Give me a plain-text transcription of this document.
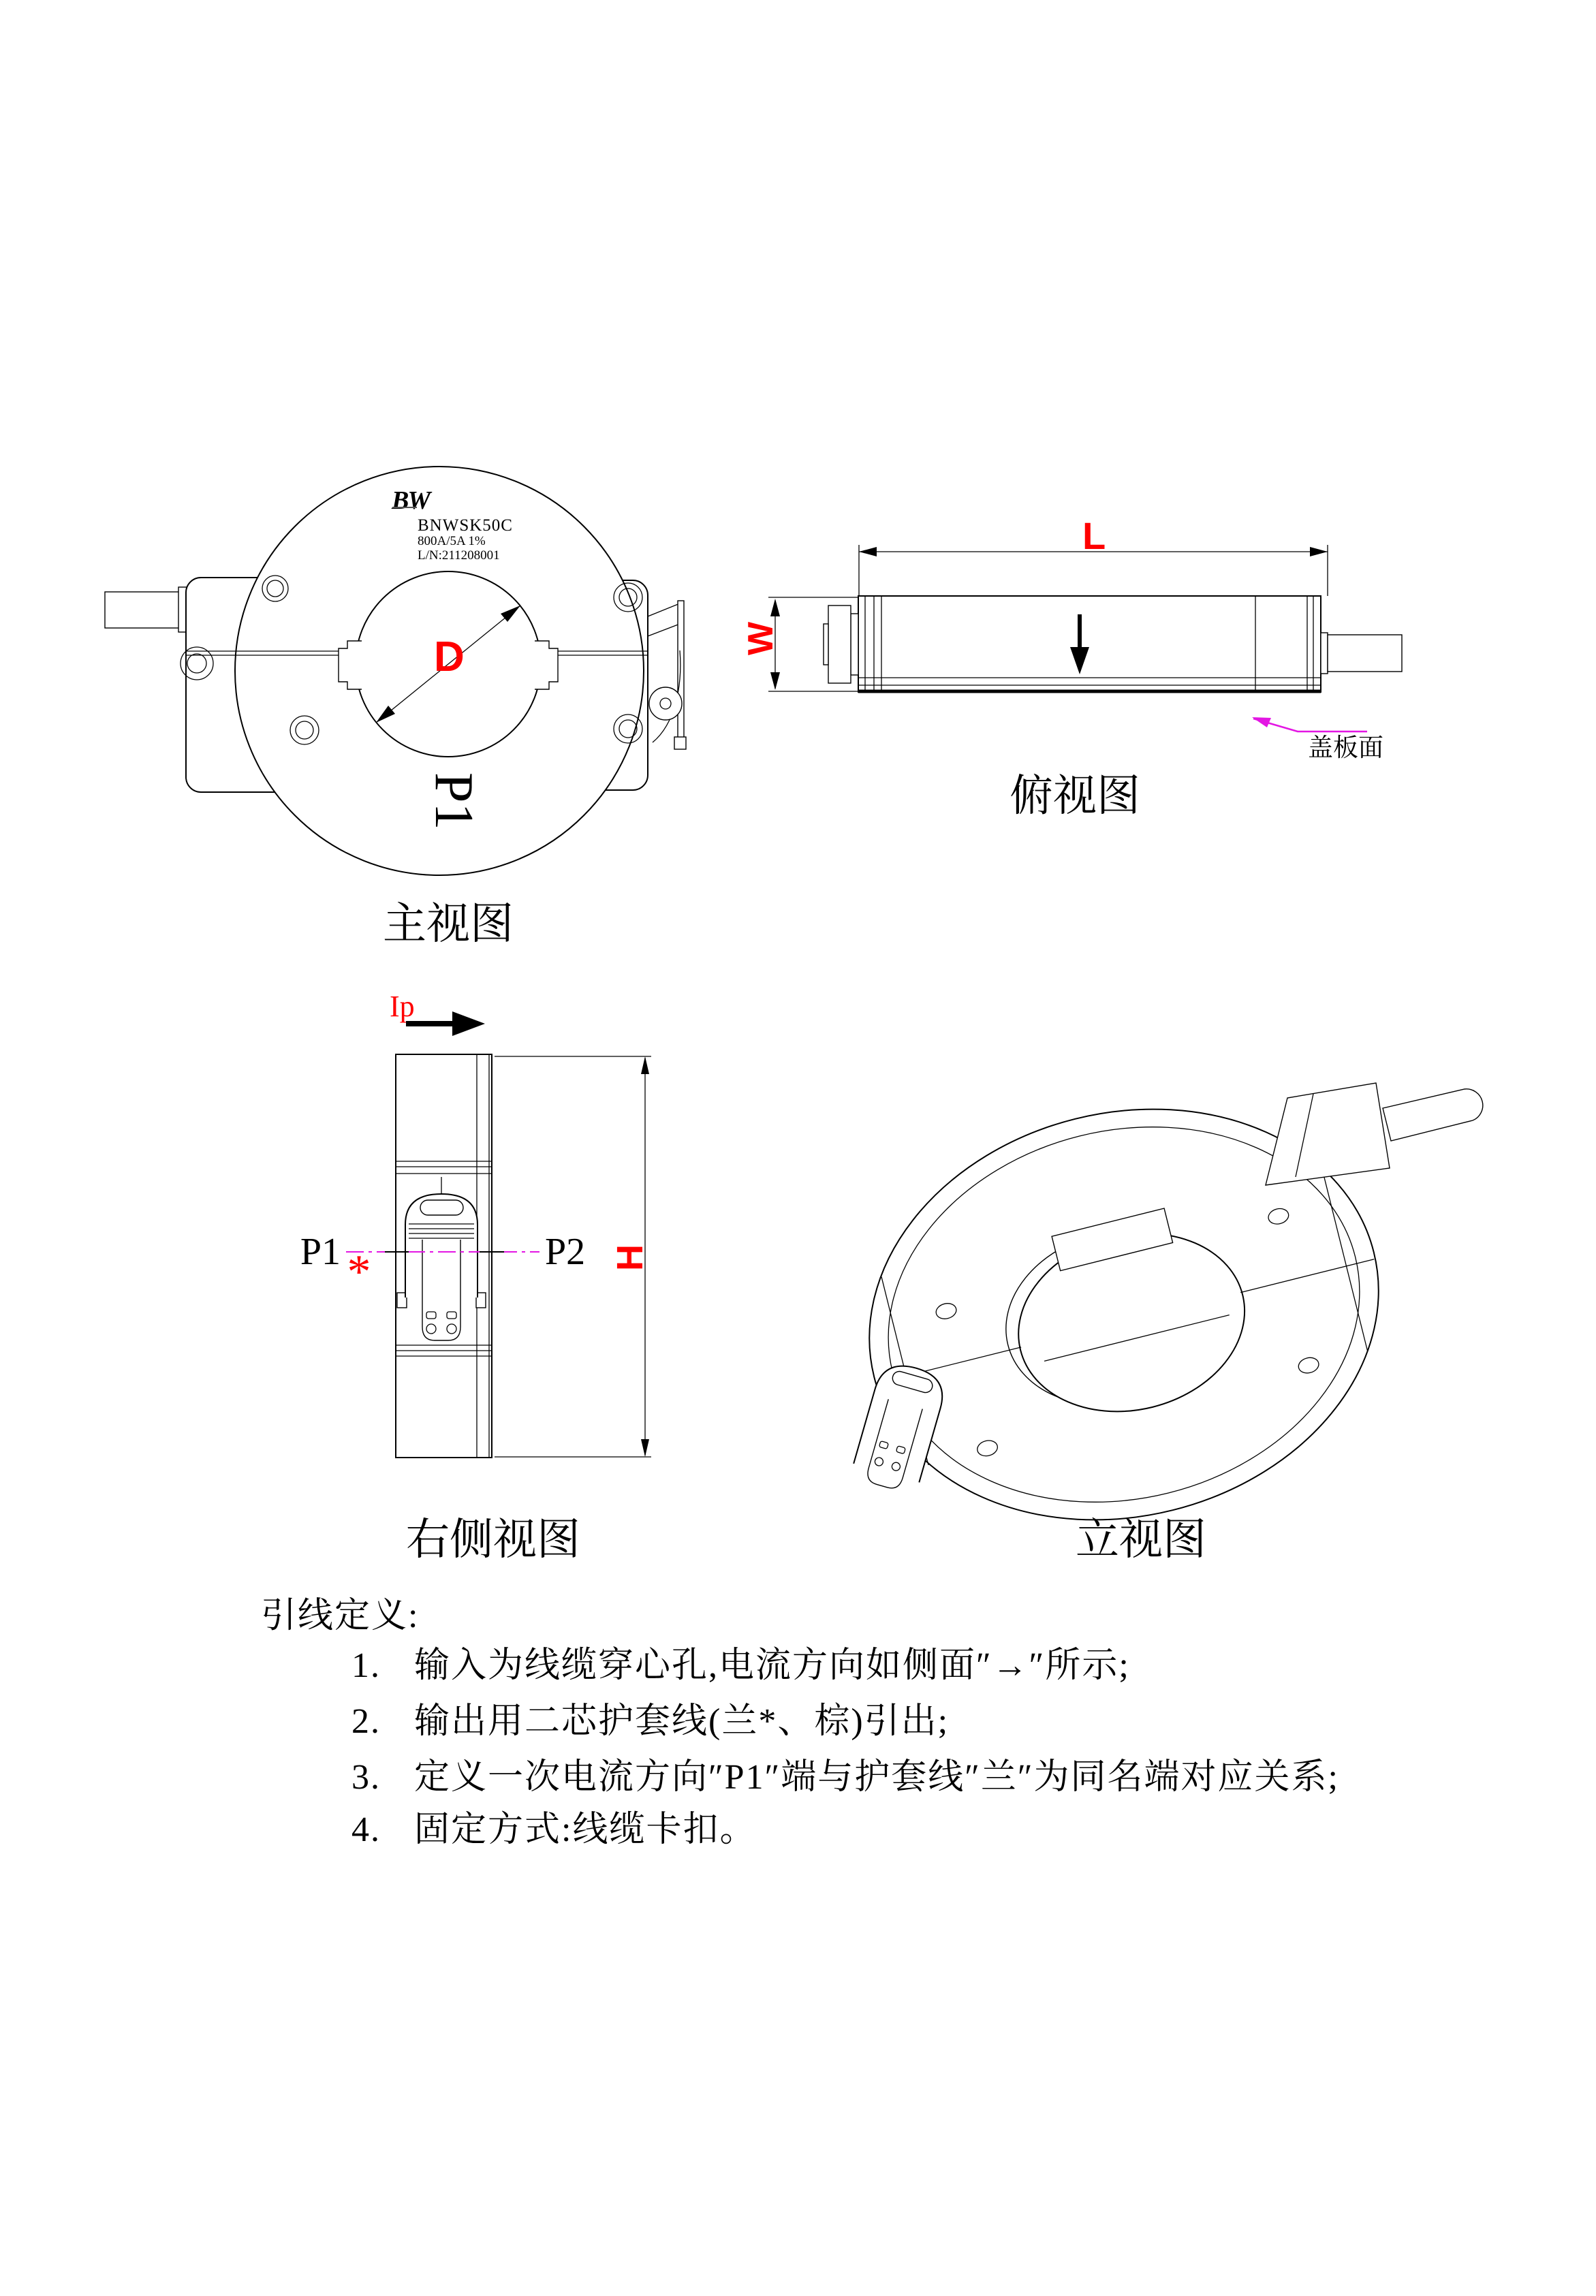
D
BW
BNWSK50C
800A/5A 1%
L/N:211208001
P1
主视图
L
W
盖板面
俯视图
Ip
P1	P2
*	H
右侧视图	立视图
引线定义:
1. 输入为线缆穿心孔,电流方向如侧面″→″所示;
2. 输出用二芯护套线(兰*、棕)引出;
3. 定义一次电流方向″P1″端与护套线″兰″为同名端对应关系;
4. 固定方式:线缆卡扣。
